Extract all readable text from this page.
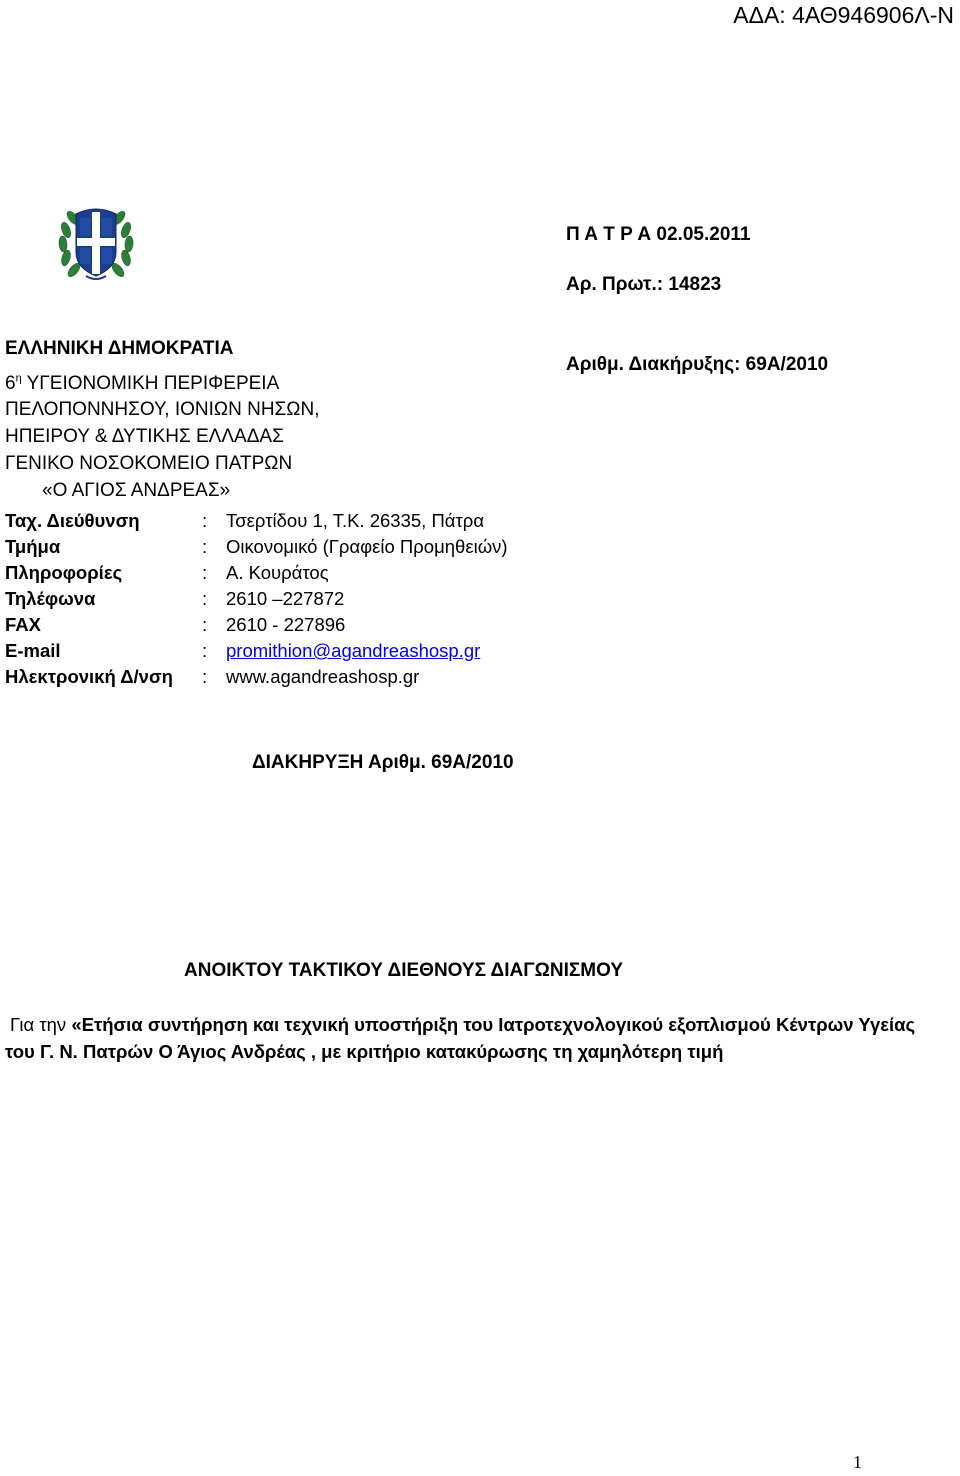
ΑΔΑ: 4ΑΘ946906Λ-Ν
Π Α Τ Ρ Α 02.05.2011
Αρ. Πρωτ.: 14823
Αριθμ. Διακήρυξης: 69Α/2010
ΕΛΛΗΝΙΚΗ ΔΗΜΟΚΡΑΤΙΑ
$6^\eta$ ΥΓΕΙΟΝΟΜΙΚΗ ΠΕΡΙΦΕΡΕΙΑ
ΠΕΛΟΠΟΝΝΗΣΟΥ, ΙΟΝΙΩΝ ΝΗΣΩΝ,
ΗΠΕΙΡΟΥ & ΔΥΤΙΚΗΣ ΕΛΛΑΔΑΣ
ΓΕΝΙΚΟ ΝΟΣΟΚΟΜΕΙΟ ΠΑΤΡΩΝ
«Ο ΑΓΙΟΣ ΑΝΔΡΕΑΣ»
Ταχ. Διεύθυνση	: Τσερτίδου 1, Τ.Κ. 26335, Πάτρα
Τμήμα	: Οικονομικό (Γραφείο Προμηθειών)
Πληροφορίες	: Α. Κουράτος
Τηλέφωνα	: 2610 –227872
FAX	: 2610 - 227896
E-mail	: promithion@agandreashosp.gr
Ηλεκτρονική Δ/νση : www.agandreashosp.gr
ΔΙΑΚΗΡΥΞΗ Αριθμ. 69Α/2010
ΑΝΟΙΚΤΟΥ ΤΑΚΤΙΚΟΥ ΔΙΕΘΝΟΥΣ ΔΙΑΓΩΝΙΣΜΟΥ
Για την «Ετήσια συντήρηση και τεχνική υποστήριξη του Ιατροτεχνολογικού εξοπλισμού Κέντρων Υγείας του Γ. Ν. Πατρών Ο Άγιος Ανδρέας , με κριτήριο κατακύρωσης τη χαμηλότερη τιμή
1
